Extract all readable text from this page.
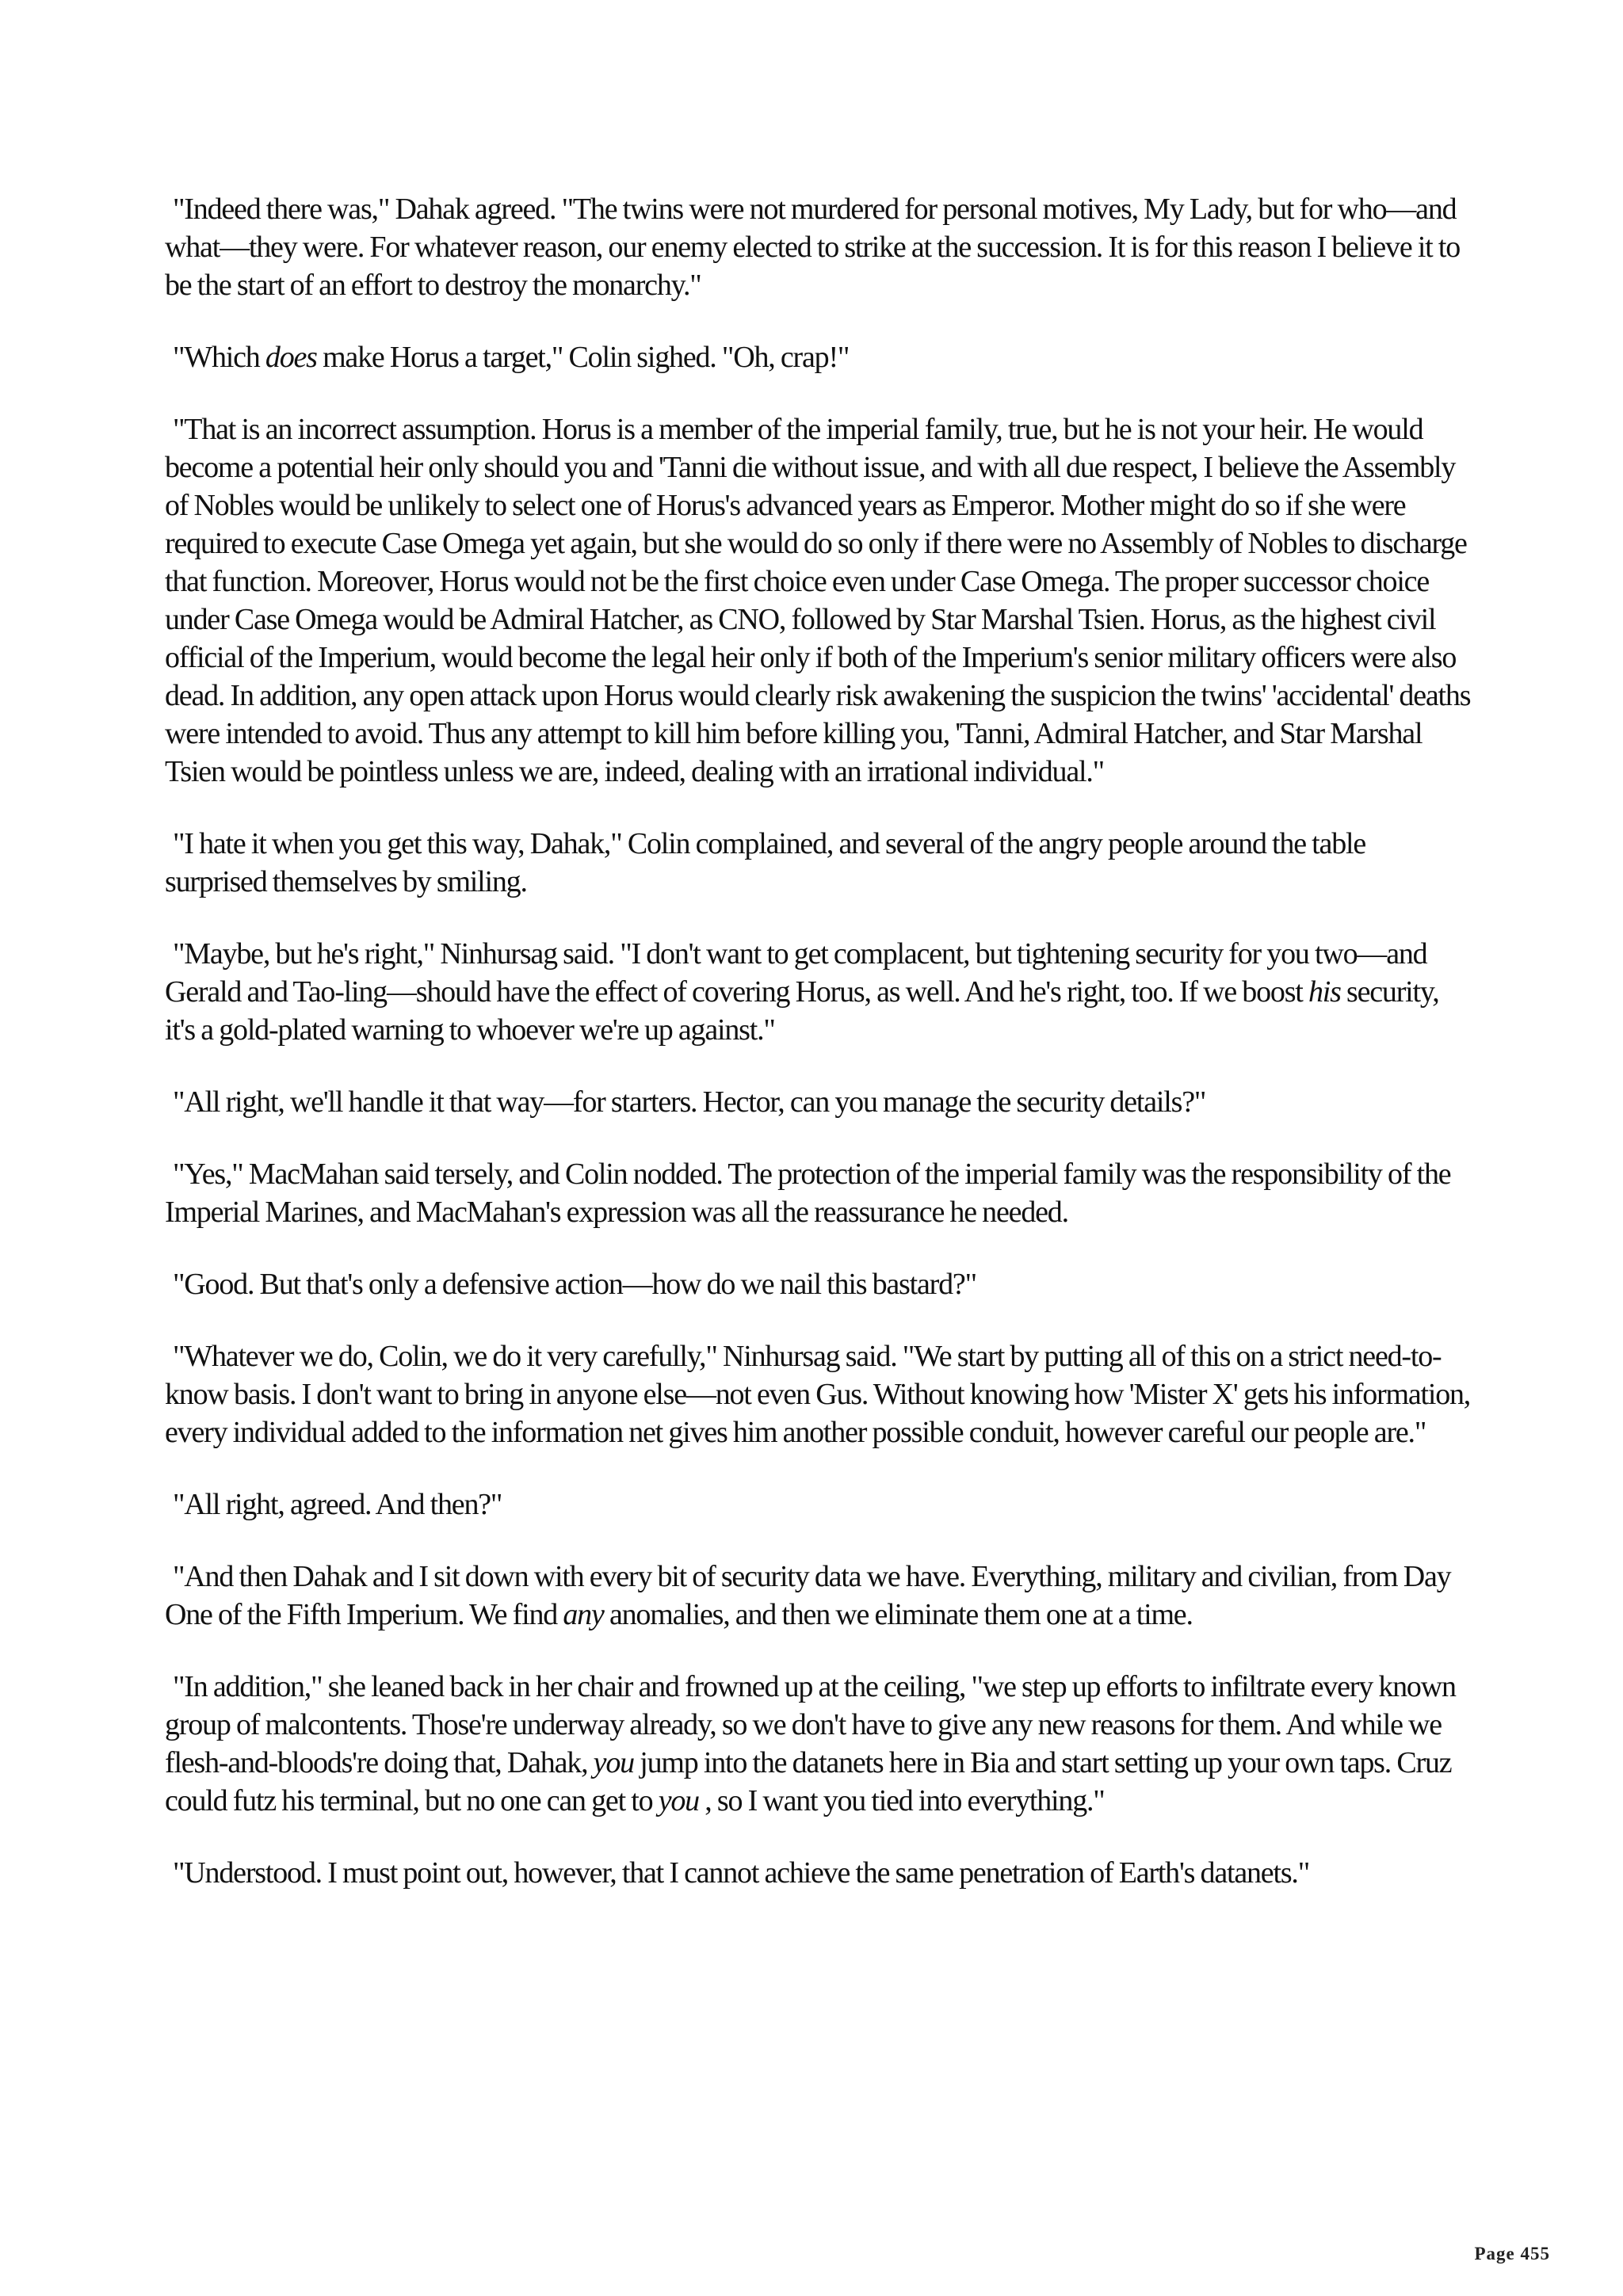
"Indeed there was," Dahak agreed. "The twins were not murdered for personal motives, My Lady, but for who—and what—they were. For whatever reason, our enemy elected to strike at the succession. It is for this reason I believe it to be the start of an effort to destroy the monarchy."

"Which does make Horus a target," Colin sighed. "Oh, crap!"

"That is an incorrect assumption. Horus is a member of the imperial family, true, but he is not your heir. He would become a potential heir only should you and 'Tanni die without issue, and with all due respect, I believe the Assembly of Nobles would be unlikely to select one of Horus's advanced years as Emperor. Mother might do so if she were required to execute Case Omega yet again, but she would do so only if there were no Assembly of Nobles to discharge that function. Moreover, Horus would not be the first choice even under Case Omega. The proper successor choice under Case Omega would be Admiral Hatcher, as CNO, followed by Star Marshal Tsien. Horus, as the highest civil official of the Imperium, would become the legal heir only if both of the Imperium's senior military officers were also dead. In addition, any open attack upon Horus would clearly risk awakening the suspicion the twins' 'accidental' deaths were intended to avoid. Thus any attempt to kill him before killing you, 'Tanni, Admiral Hatcher, and Star Marshal Tsien would be pointless unless we are, indeed, dealing with an irrational individual."

"I hate it when you get this way, Dahak," Colin complained, and several of the angry people around the table surprised themselves by smiling.

"Maybe, but he's right," Ninhursag said. "I don't want to get complacent, but tightening security for you two—and Gerald and Tao-ling—should have the effect of covering Horus, as well. And he's right, too. If we boost his security, it's a gold-plated warning to whoever we're up against."

"All right, we'll handle it that way—for starters. Hector, can you manage the security details?"

"Yes," MacMahan said tersely, and Colin nodded. The protection of the imperial family was the responsibility of the Imperial Marines, and MacMahan's expression was all the reassurance he needed.

"Good. But that's only a defensive action—how do we nail this bastard?"

"Whatever we do, Colin, we do it very carefully," Ninhursag said. "We start by putting all of this on a strict need-to-know basis. I don't want to bring in anyone else—not even Gus. Without knowing how 'Mister X' gets his information, every individual added to the information net gives him another possible conduit, however careful our people are."

"All right, agreed. And then?"

"And then Dahak and I sit down with every bit of security data we have. Everything, military and civilian, from Day One of the Fifth Imperium. We find any anomalies, and then we eliminate them one at a time.

"In addition," she leaned back in her chair and frowned up at the ceiling, "we step up efforts to infiltrate every known group of malcontents. Those're underway already, so we don't have to give any new reasons for them. And while we flesh-and-bloods're doing that, Dahak, you jump into the datanets here in Bia and start setting up your own taps. Cruz could futz his terminal, but no one can get to you , so I want you tied into everything."

"Understood. I must point out, however, that I cannot achieve the same penetration of Earth's datanets."

Page 455
